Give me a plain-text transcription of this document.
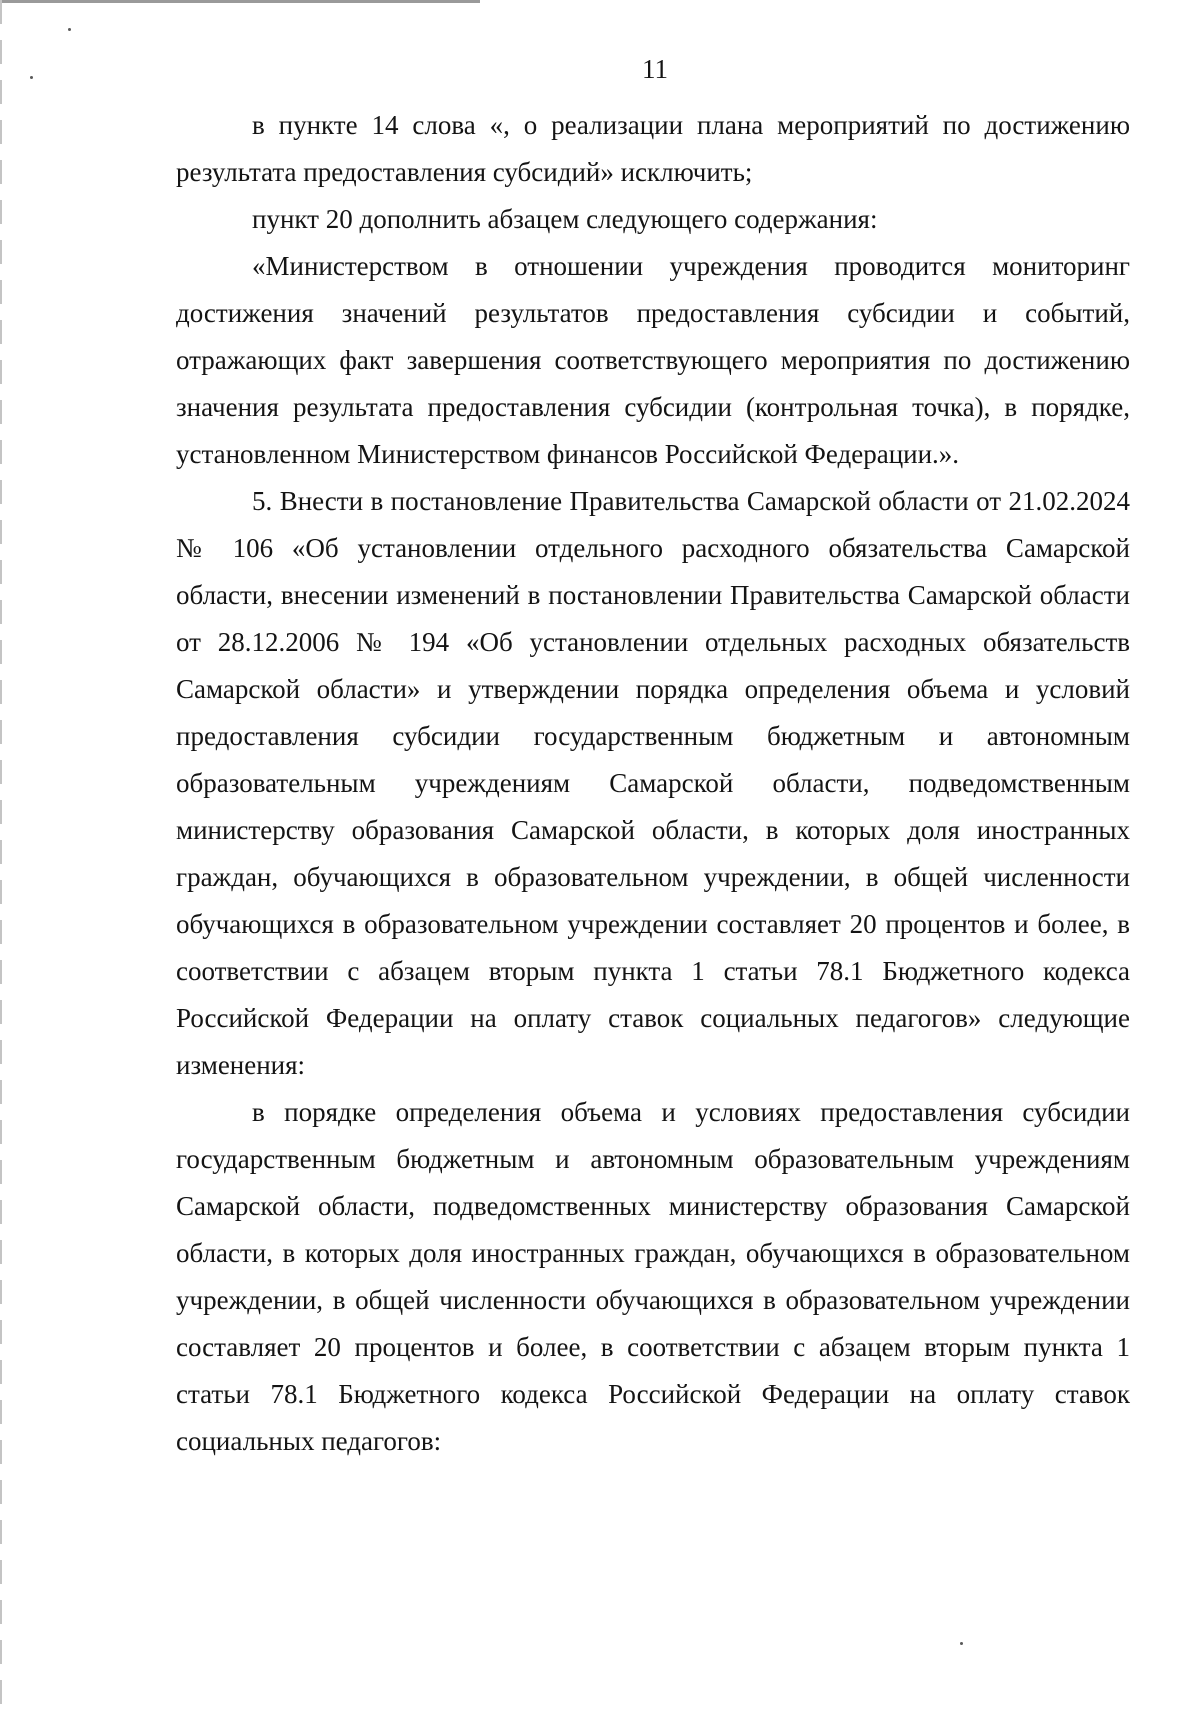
11

в пункте 14 слова «, о реализации плана мероприятий по достижению результата предоставления субсидий» исключить;

пункт 20 дополнить абзацем следующего содержания:

«Министерством в отношении учреждения проводится мониторинг достижения значений результатов предоставления субсидии и событий, отражающих факт завершения соответствующего мероприятия по достижению значения результата предоставления субсидии (контрольная точка), в порядке, установленном Министерством финансов Российской Федерации.».

5. Внести в постановление Правительства Самарской области от 21.02.2024 № 106 «Об установлении отдельного расходного обязательства Самарской области, внесении изменений в постановлении Правительства Самарской области от 28.12.2006 № 194 «Об установлении отдельных расходных обязательств Самарской области» и утверждении порядка определения объема и условий предоставления субсидии государственным бюджетным и автономным образовательным учреждениям Самарской области, подведомственным министерству образования Самарской области, в которых доля иностранных граждан, обучающихся в образовательном учреждении, в общей численности обучающихся в образовательном учреждении составляет 20 процентов и более, в соответствии с абзацем вторым пункта 1 статьи 78.1 Бюджетного кодекса Российской Федерации на оплату ставок социальных педагогов» следующие изменения:

в порядке определения объема и условиях предоставления субсидии государственным бюджетным и автономным образовательным учреждениям Самарской области, подведомственных министерству образования Самарской области, в которых доля иностранных граждан, обучающихся в образовательном учреждении, в общей численности обучающихся в образовательном учреждении составляет 20 процентов и более, в соответствии с абзацем вторым пункта 1 статьи 78.1 Бюджетного кодекса Российской Федерации на оплату ставок социальных педагогов:
